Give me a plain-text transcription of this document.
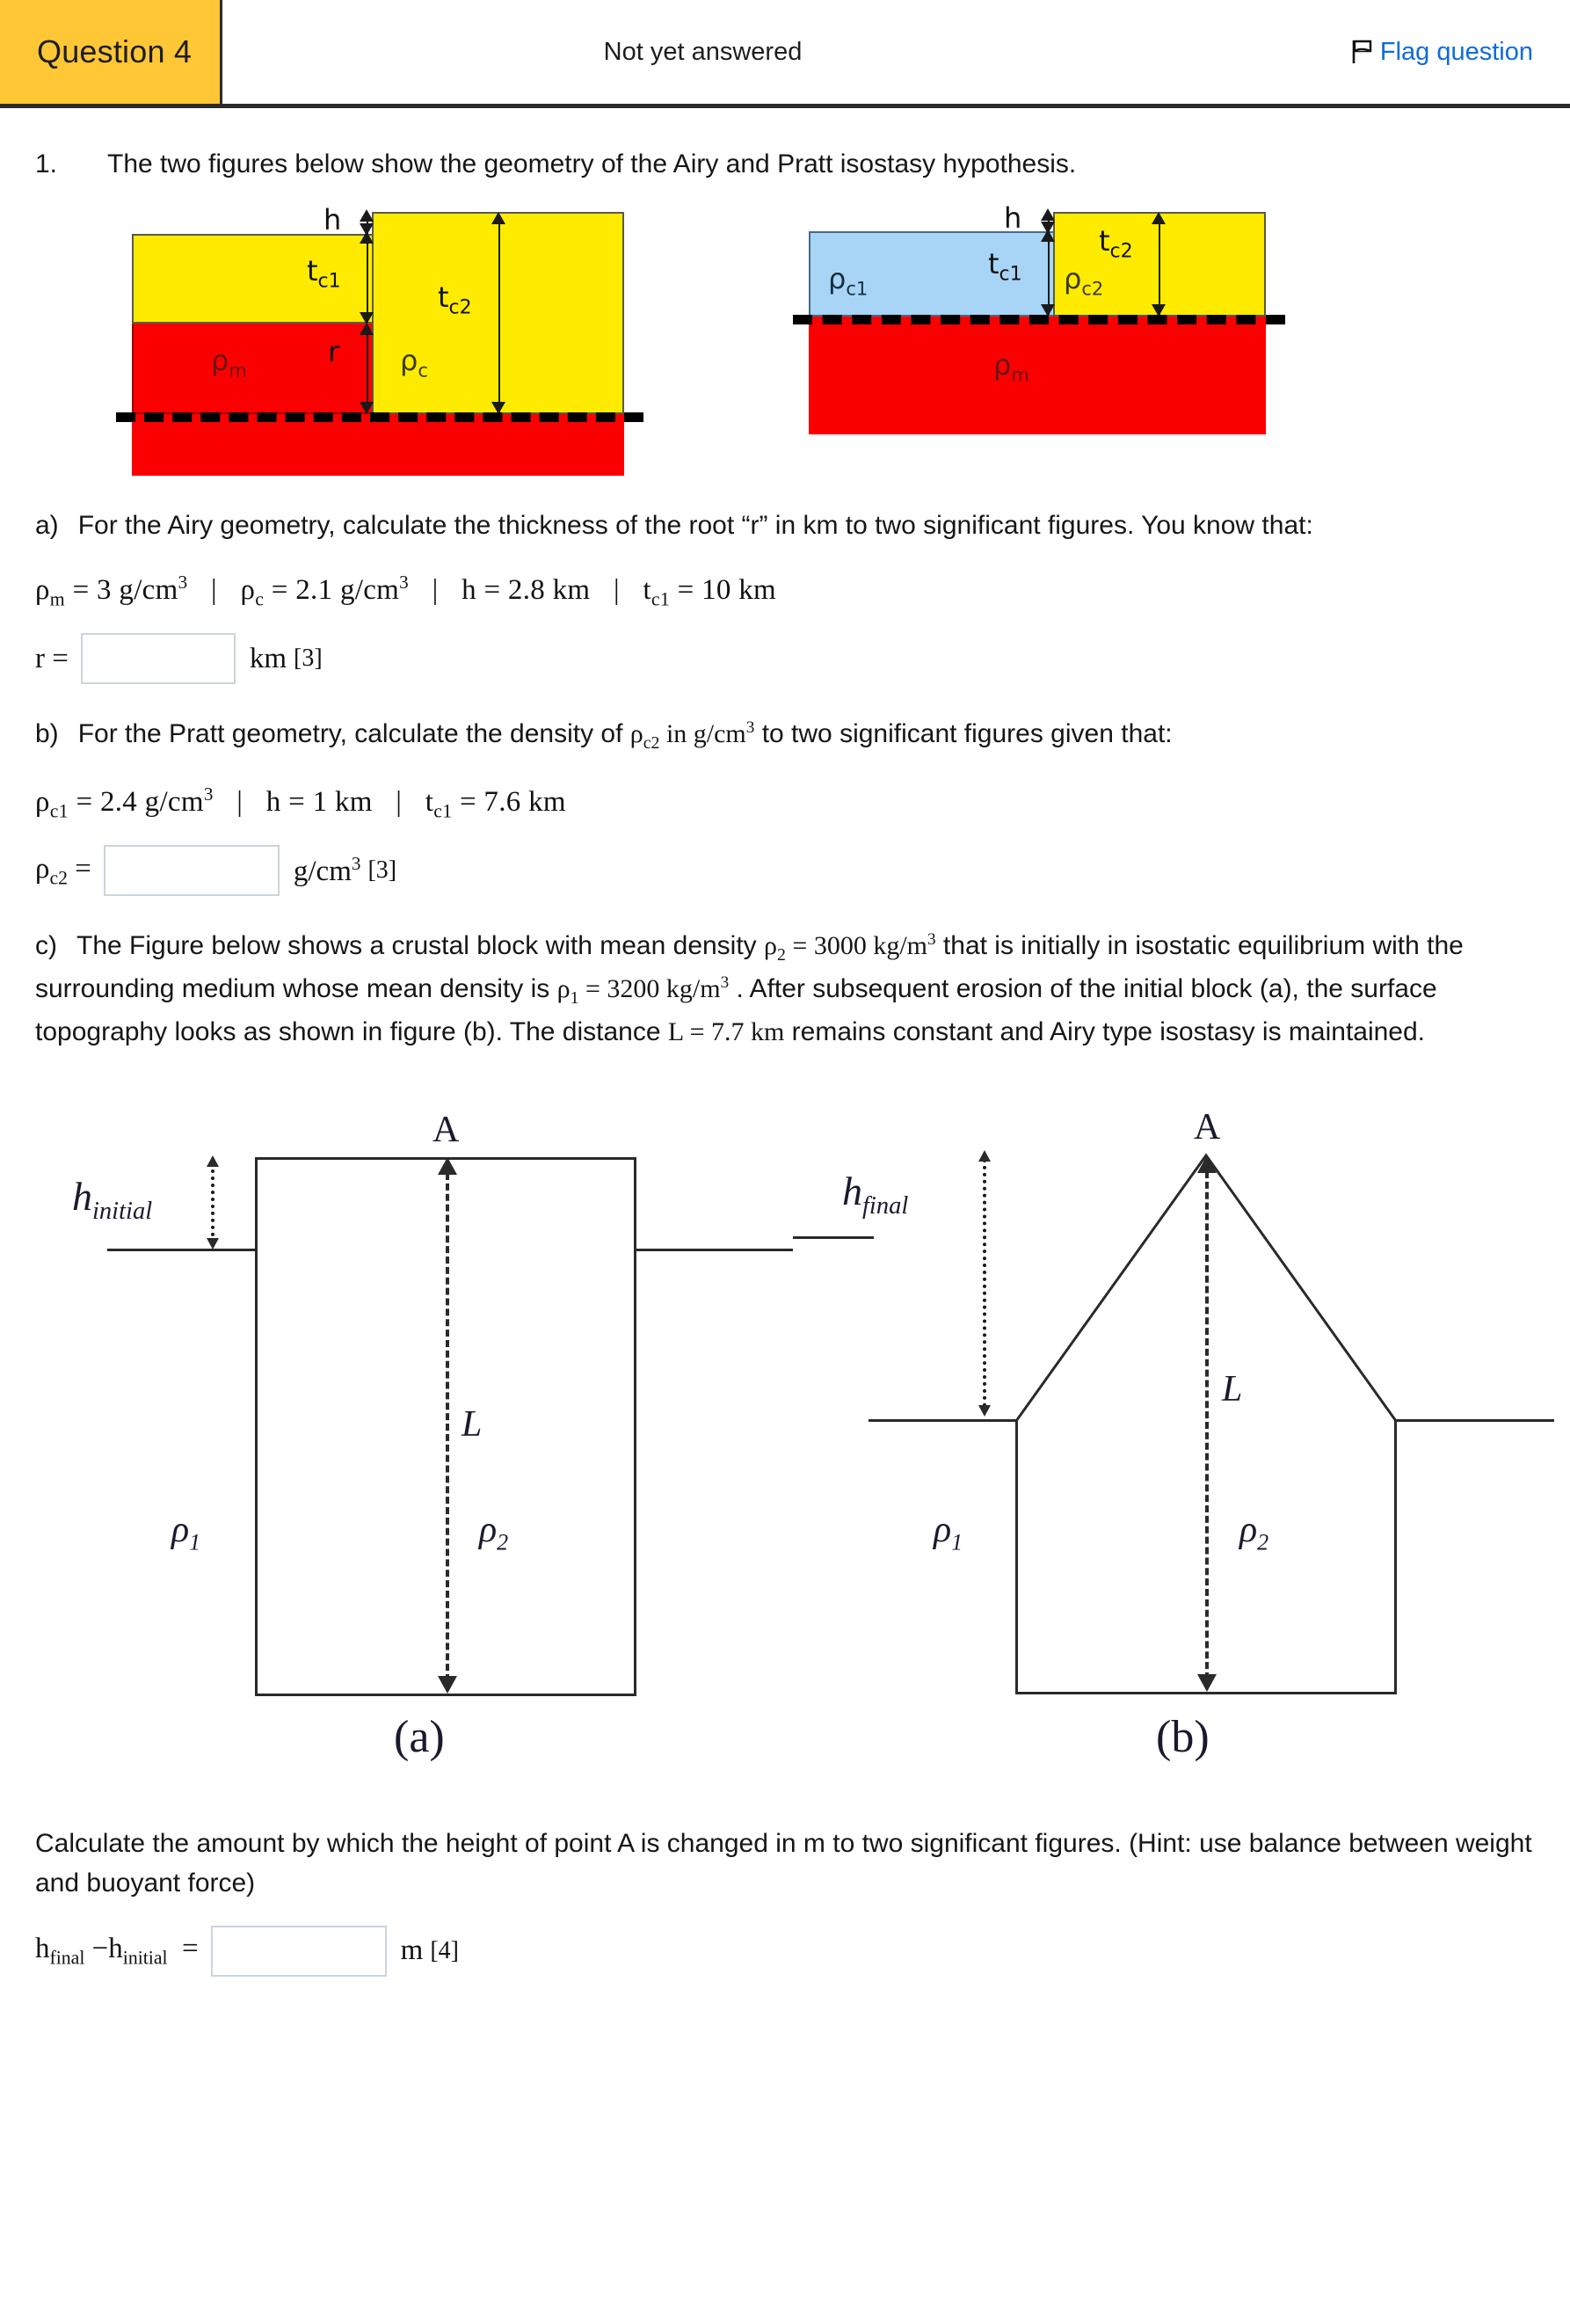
Question 4	Not yet answered	Flag question
1.	The two figures below show the geometry of the Airy and Pratt isostasy hypothesis.
h
$t_{c1}$
r
$t_{c2}$
$\rho_m$	$\rho_c$
h
$t_{c1}$
$t_{c2}$
$\rho_{c1}$	$\rho_{c2}$
$\rho_m$
a) For the Airy geometry, calculate the thickness of the root “r” in km to two significant figures. You know that:
$\rho_m = 3$ $g/cm^3$ | $\rho_c = 2.1$ $g/cm^3$ | h = 2.8 km | $t_{c1} = 10$ km
r =	km [3]
b) For the Pratt geometry, calculate the density of $\rho_{c2}$ in $g/cm^3$ to two significant figures given that:
$\rho_{c1} = 2.4$ $g/cm^3$ | h = 1 km | $t_{c1} = 7.6$ km
$\rho_{c2}$ =	$g/cm^3$ [3]
c) The Figure below shows a crustal block with mean density $\rho_2 = 3000$ $kg/m^3$ that is initially in isostatic equilibrium with the surrounding medium whose mean density is $\rho_1 = 3200$ $kg/m^3$ . After subsequent erosion of the initial block (a), the surface topography looks as shown in figure (b). The distance L = 7.7 km remains constant and Airy type isostasy is maintained.
$h_{initial}$
L
A
$\rho_1$	$\rho_2$
(a)
$h_{final}$
L
A
$\rho_1$	$\rho_2$
(b)
Calculate the amount by which the height of point A is changed in m to two significant figures. (Hint: use balance between weight and buoyant force)
$h_{final} -h_{initial}$ =	m [4]
